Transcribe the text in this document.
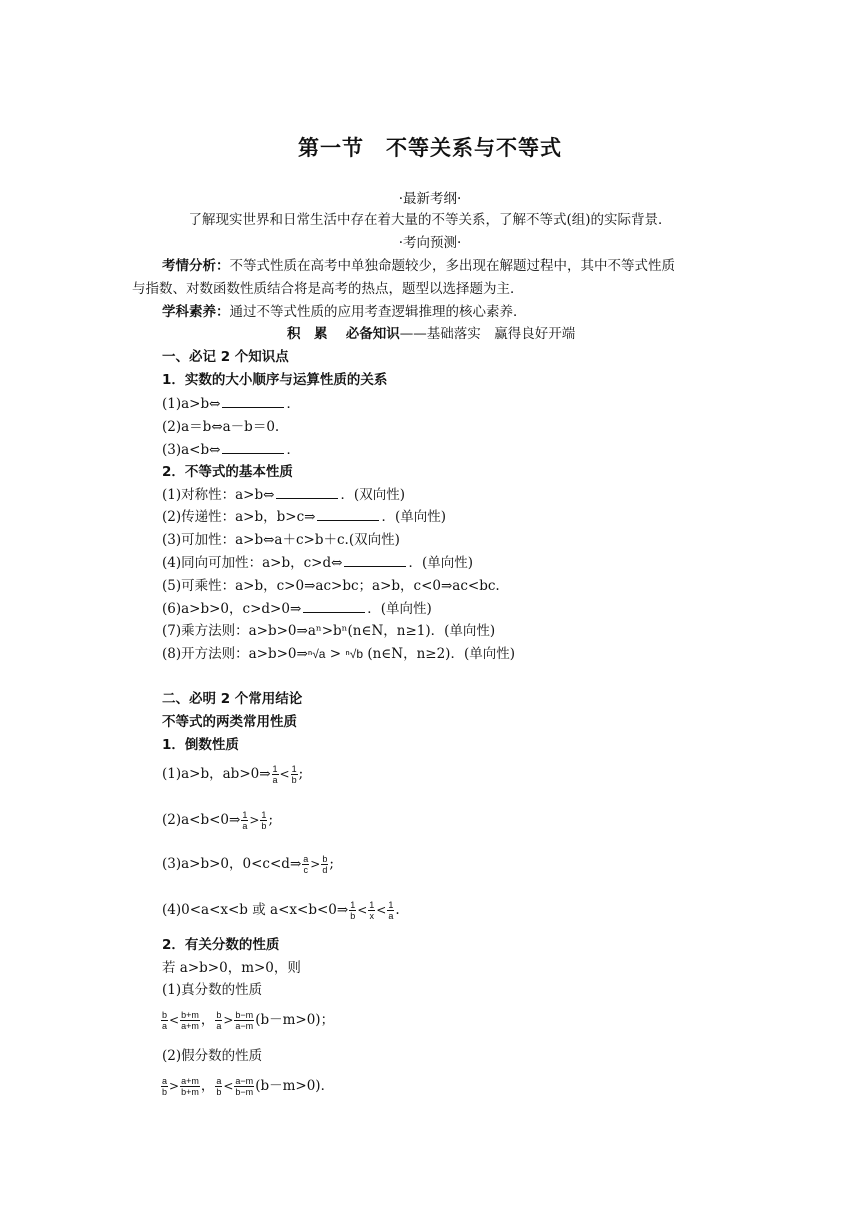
第一节　不等关系与不等式
·最新考纲·
了解现实世界和日常生活中存在着大量的不等关系，了解不等式(组)的实际背景．
·考向预测·
考情分析：不等式性质在高考中单独命题较少，多出现在解题过程中，其中不等式性质
与指数、对数函数性质结合将是高考的热点，题型以选择题为主．
学科素养：通过不等式性质的应用考查逻辑推理的核心素养．
积　累　 必备知识——基础落实　赢得良好开端
一、必记 2 个知识点
1．实数的大小顺序与运算性质的关系
(1)a>b⇔	．
(2)a＝b⇔a－b＝0.
(3)a<b⇔	．
2．不等式的基本性质
(1)对称性：a>b⇔	．(双向性)
(2)传递性：a>b，b>c⇒	．(单向性)
(3)可加性：a>b⇔a＋c>b＋c.(双向性)
(4)同向可加性：a>b，c>d⇔	．(单向性)
(5)可乘性：a>b，c>0⇒ac>bc；a>b，c<0⇒ac<bc.
(6)a>b>0，c>d>0⇒	．(单向性)
(7)乘方法则：a>b>0⇒aⁿ>bⁿ(n∈N，n≥1)．(单向性)
(8)开方法则：a>b>0⇒ⁿ√a > ⁿ√b (n∈N，n≥2)．(单向性)
二、必明 2 个常用结论
不等式的两类常用性质
1．倒数性质
(1)a>b，ab>0⇒ $\frac{1}{a} < \frac{1}{b}$ ;
(2)a<b<0⇒ $\frac{1}{a} > \frac{1}{b}$ ;
(3)a>b>0，0<c<d⇒ $\frac{a}{c} > \frac{b}{d}$ ;
(4)0<a<x<b 或 a<x<b<0⇒ $\frac{1}{b} < \frac{1}{x} < \frac{1}{a}$ .
2．有关分数的性质
若 a>b>0，m>0，则
(1)真分数的性质
$\frac{b}{a} < \frac{b+m}{a+m}$ ， $\frac{b}{a} > \frac{b-m}{a-m} (b-m>0)$；
(2)假分数的性质
$\frac{a}{b} > \frac{a+m}{b+m}$ ， $\frac{a}{b} < \frac{a-m}{b-m} (b-m>0)$．
